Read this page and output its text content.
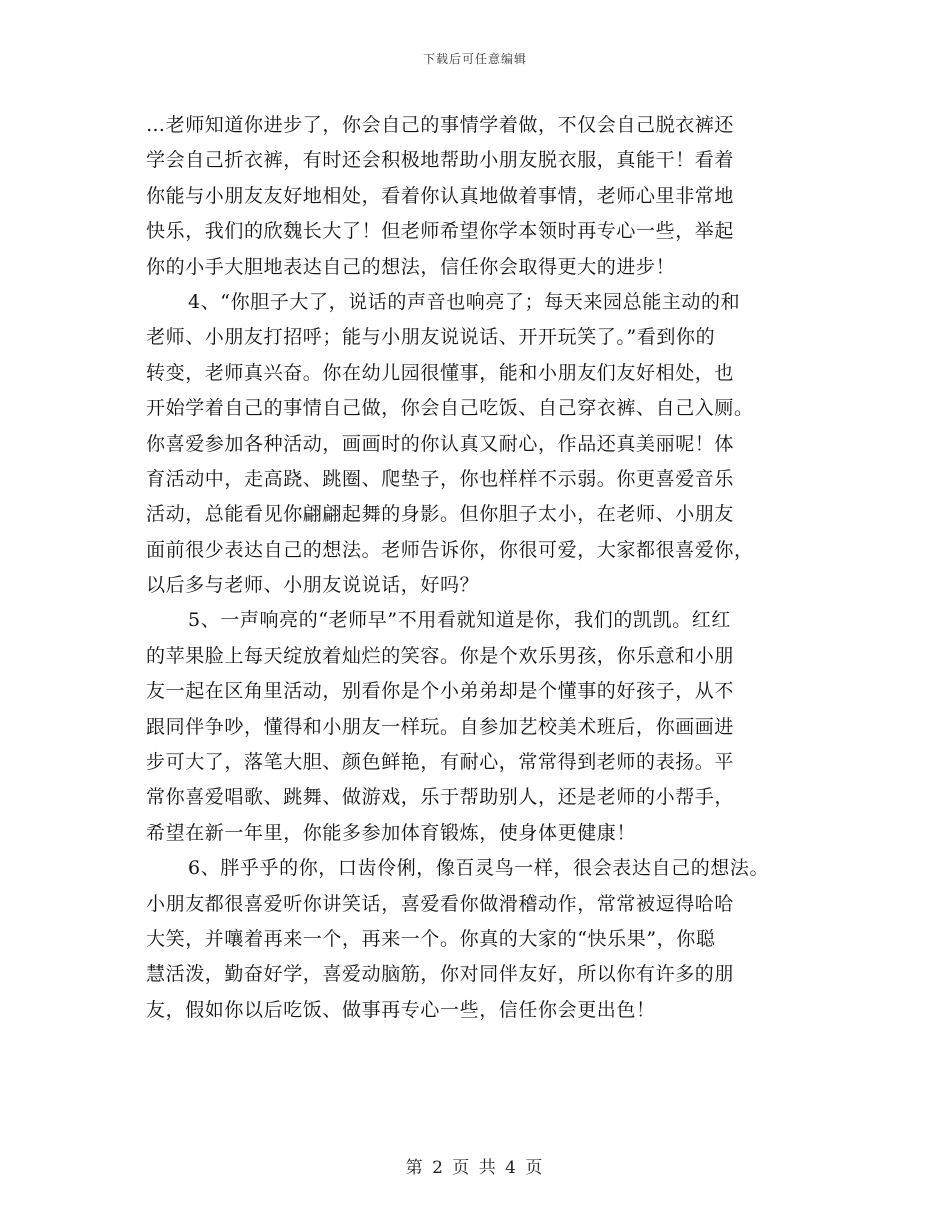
下载后可任意编辑
…老师知道你进步了，你会自己的事情学着做，不仅会自己脱衣裤还
学会自己折衣裤，有时还会积极地帮助小朋友脱衣服，真能干！看着
你能与小朋友友好地相处，看着你认真地做着事情，老师心里非常地
快乐，我们的欣魏长大了！但老师希望你学本领时再专心一些，举起
你的小手大胆地表达自己的想法，信任你会取得更大的进步！
4、“你胆子大了，说话的声音也响亮了；每天来园总能主动的和
老师、小朋友打招呼；能与小朋友说说话、开开玩笑了。”看到你的
转变，老师真兴奋。你在幼儿园很懂事，能和小朋友们友好相处，也
开始学着自己的事情自己做，你会自己吃饭、自己穿衣裤、自己入厕。
你喜爱参加各种活动，画画时的你认真又耐心，作品还真美丽呢！体
育活动中，走高跷、跳圈、爬垫子，你也样样不示弱。你更喜爱音乐
活动，总能看见你翩翩起舞的身影。但你胆子太小，在老师、小朋友
面前很少表达自己的想法。老师告诉你，你很可爱，大家都很喜爱你，
以后多与老师、小朋友说说话，好吗？
5、一声响亮的“老师早”不用看就知道是你，我们的凯凯。红红
的苹果脸上每天绽放着灿烂的笑容。你是个欢乐男孩，你乐意和小朋
友一起在区角里活动，别看你是个小弟弟却是个懂事的好孩子，从不
跟同伴争吵，懂得和小朋友一样玩。自参加艺校美术班后，你画画进
步可大了，落笔大胆、颜色鲜艳，有耐心，常常得到老师的表扬。平
常你喜爱唱歌、跳舞、做游戏，乐于帮助别人，还是老师的小帮手，
希望在新一年里，你能多参加体育锻炼，使身体更健康！
6、胖乎乎的你，口齿伶俐，像百灵鸟一样，很会表达自己的想法。
小朋友都很喜爱听你讲笑话，喜爱看你做滑稽动作，常常被逗得哈哈
大笑，并嚷着再来一个，再来一个。你真的大家的“快乐果”，你聪
慧活泼，勤奋好学，喜爱动脑筋，你对同伴友好，所以你有许多的朋
友，假如你以后吃饭、做事再专心一些，信任你会更出色！
第 2 页 共 4 页
